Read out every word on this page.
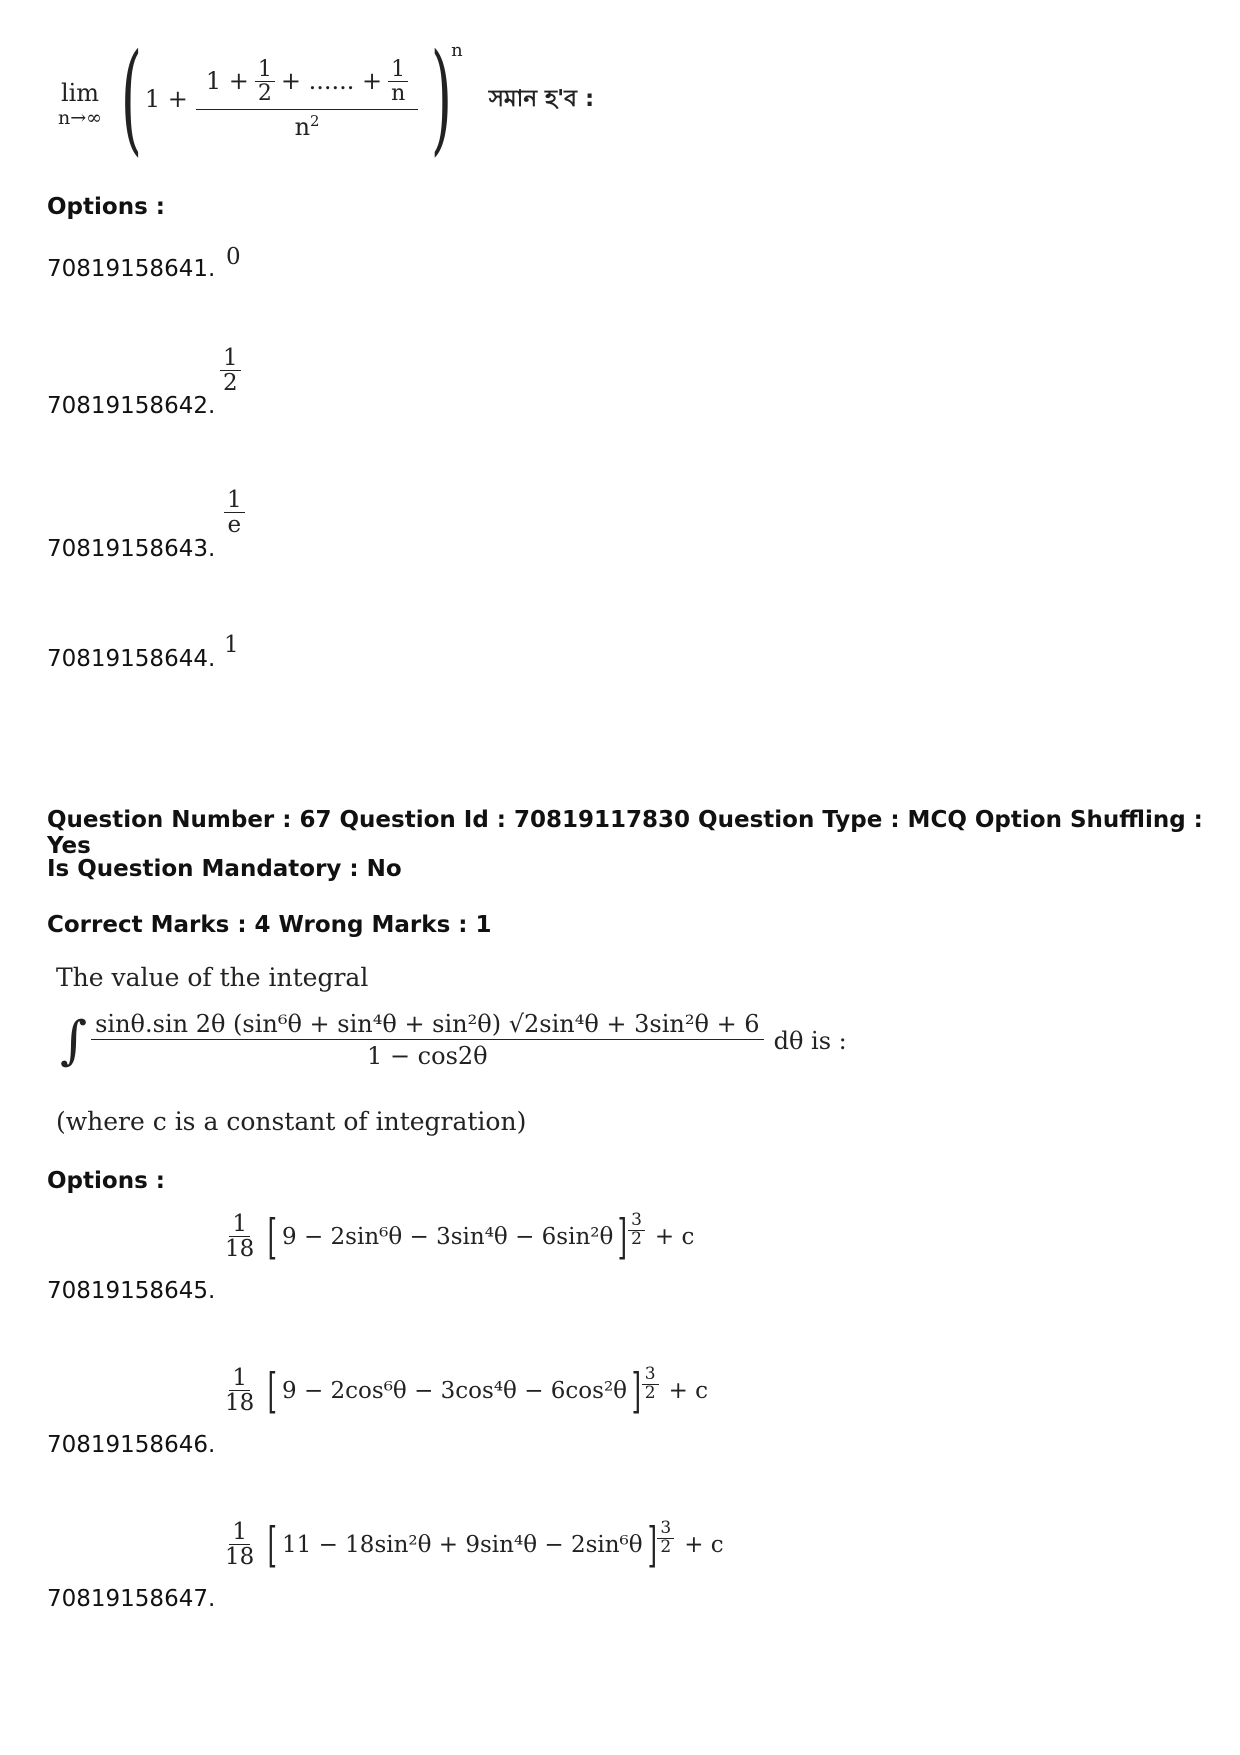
lim
n→∞ ( 1 +
$1 + \frac{1}{2}$ + ...... + $\frac{1}{n}$
$n^2$ )
n
সমান হ'ব :
Options :
70819158641. 0
70819158642.
$\frac{1}{2}$
70819158643.
$\frac{1}{e}$
70819158644.
1
Question Number : 67 Question Id : 70819117830 Question Type : MCQ Option Shuffling : Yes
Is Question Mandatory : No
Correct Marks : 4 Wrong Marks : 1
The value of the integral
∫ $\frac{\text{sinθ.sin 2θ (sin⁶θ + sin⁴θ + sin²θ) √2sin⁴θ + 3sin²θ + 6}}{1 - \cos 2\theta}$ dθ is :
(where c is a constant of integration)
Options :
70819158645.
$\frac{1}{18}$ [ 9 − 2sin⁶θ − 3sin⁴θ − 6sin²θ ] $\frac{3}{2} + c$
70819158646.
$\frac{1}{18}$ [ 9 − 2cos⁶θ − 3cos⁴θ − 6cos²θ ] $\frac{3}{2} + c$
70819158647.
$\frac{1}{18}$ [ 11 − 18sin²θ + 9sin⁴θ − 2sin⁶θ ] $\frac{3}{2} + c$
